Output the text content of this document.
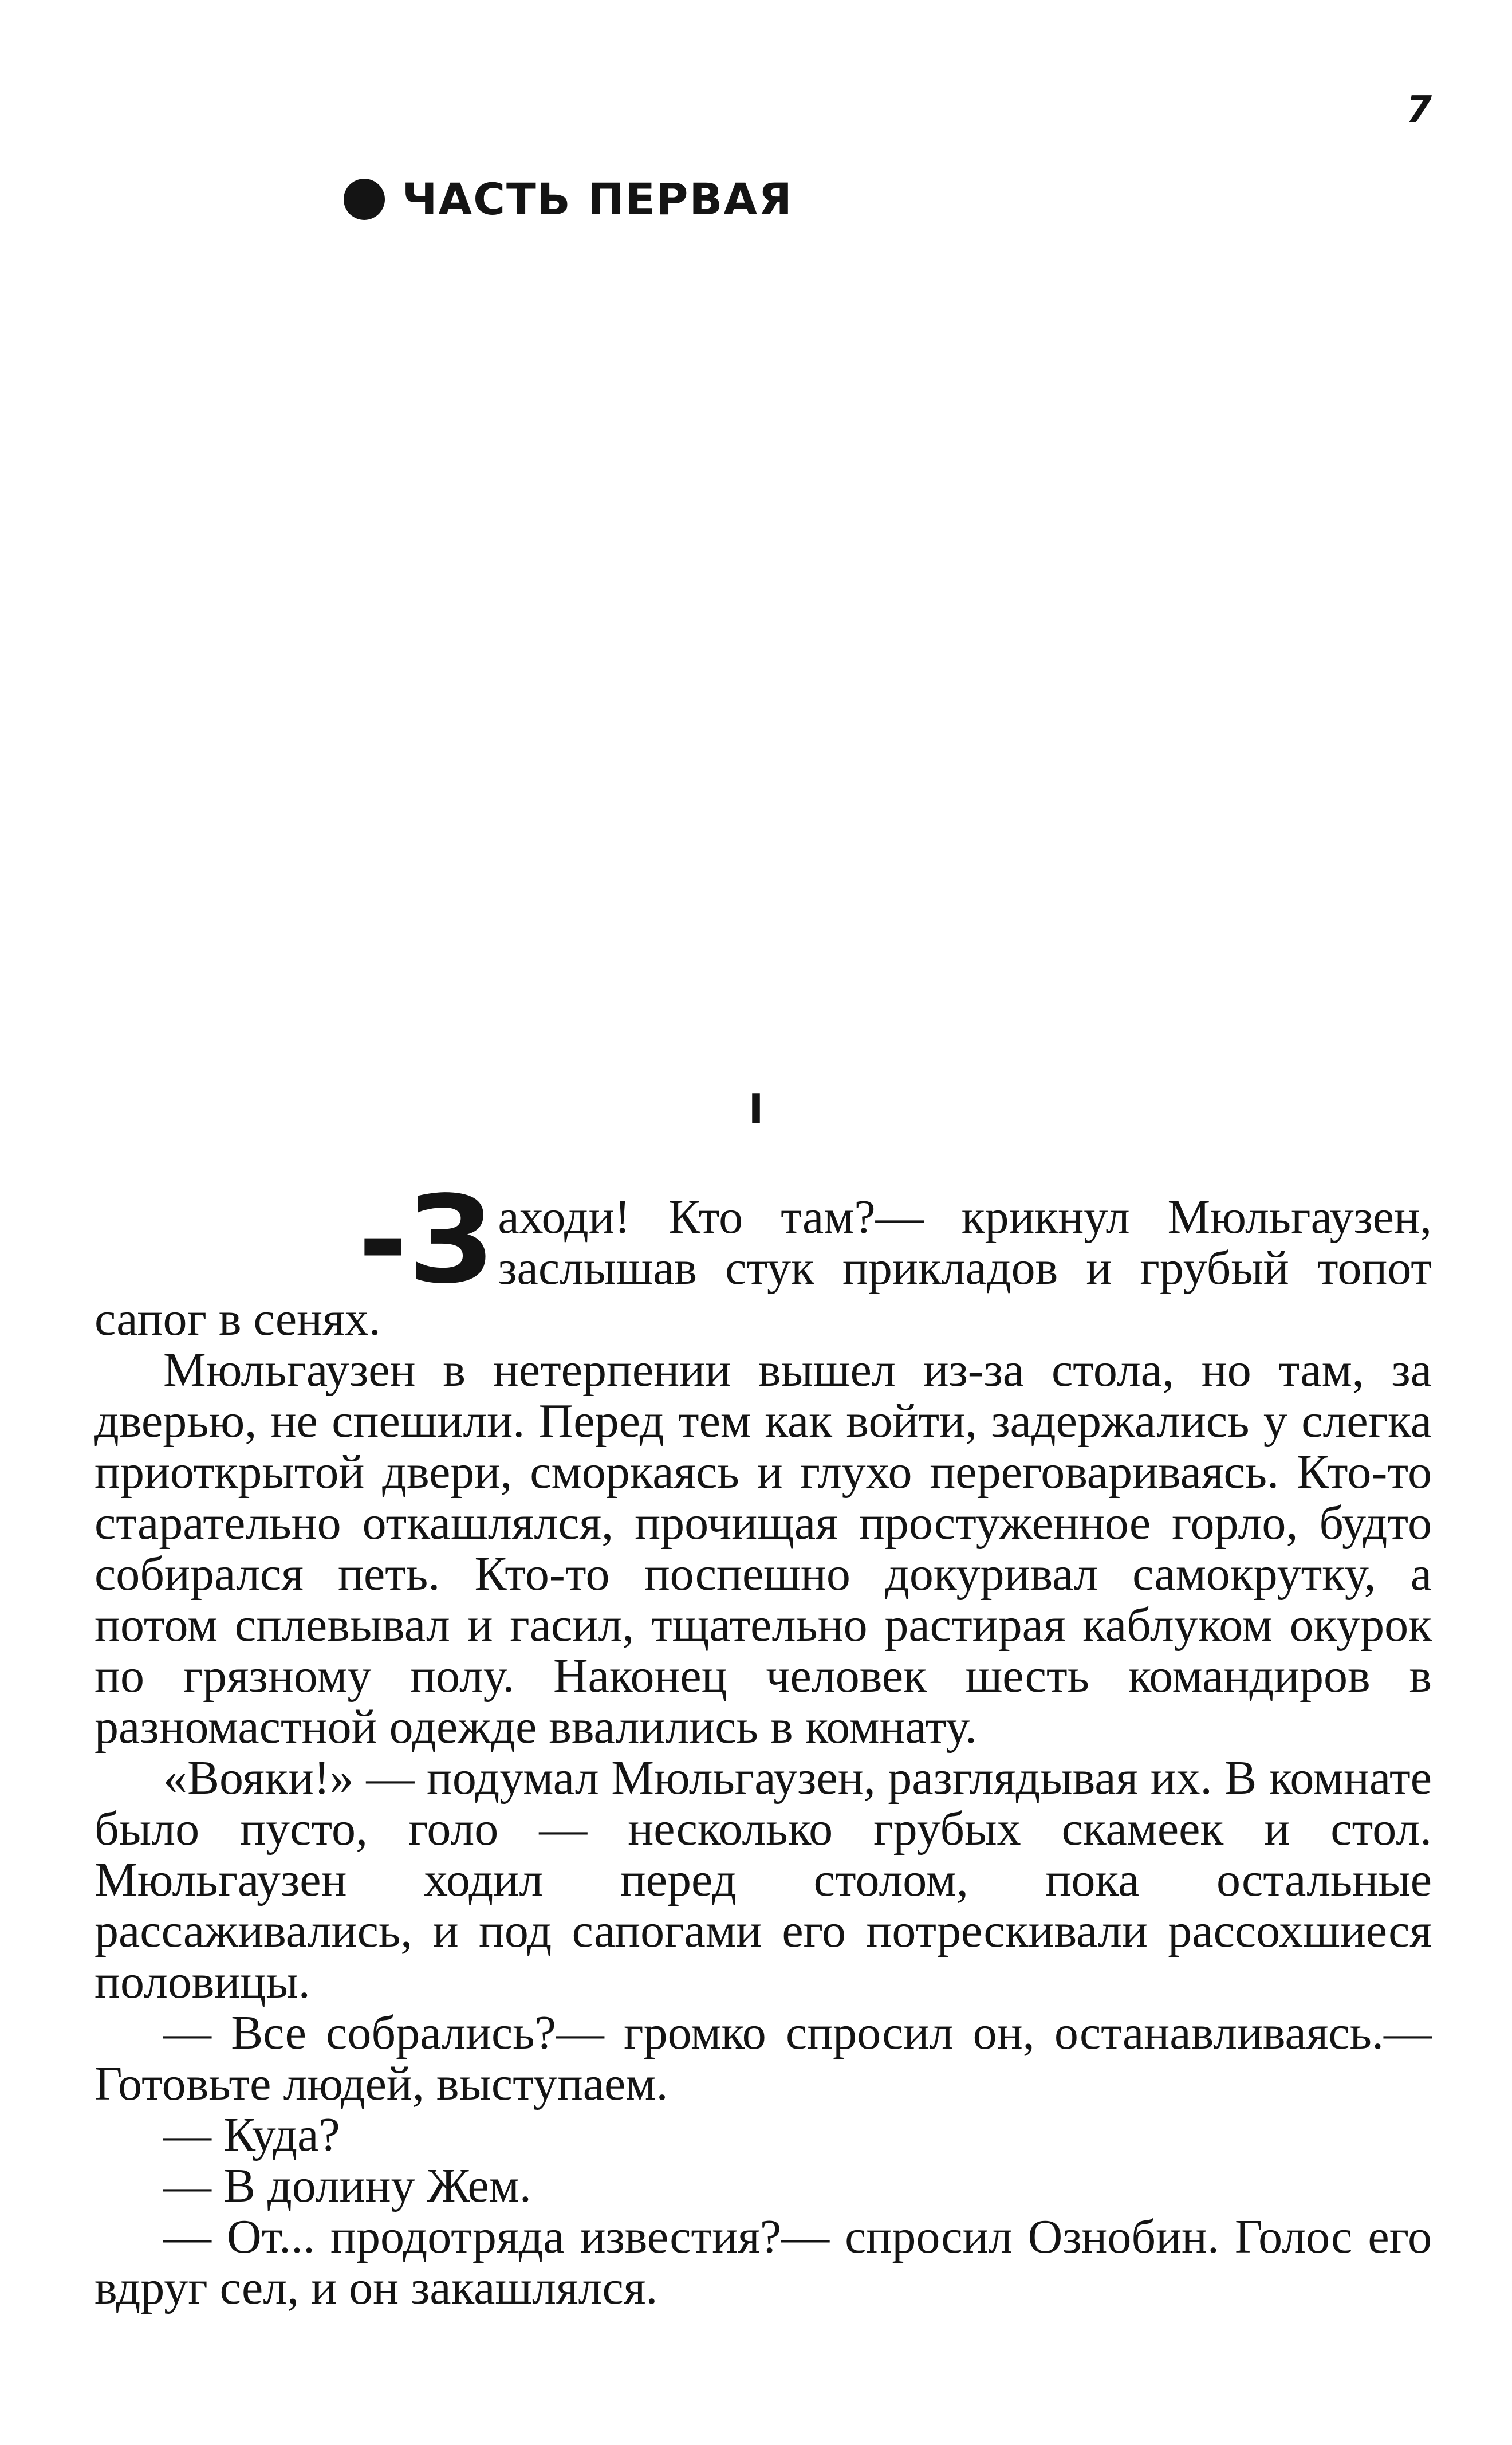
7
ЧАСТЬ ПЕРВАЯ
I

-З аходи! Кто там?— крикнул Мюльгаузен, заслышав стук прикладов и грубый топот сапог в сенях.

Мюльгаузен в нетерпении вышел из-за стола, но там, за дверью, не спешили. Перед тем как войти, задержались у слегка приоткрытой двери, сморкаясь и глухо переговариваясь. Кто-то старательно откашлялся, прочищая простуженное горло, будто собирался петь. Кто-то поспешно докуривал самокрутку, а потом сплевывал и гасил, тщательно растирая каблуком окурок по грязному полу. Наконец человек шесть командиров в разномастной одежде ввалились в комнату.

«Вояки!» — подумал Мюльгаузен, разглядывая их. В комнате было пусто, голо — несколько грубых скамеек и стол. Мюльгаузен ходил перед столом, пока остальные рассаживались, и под сапогами его потрескивали рассохшиеся половицы.

— Все собрались?— громко спросил он, останавливаясь.— Готовьте людей, выступаем.

— Куда?

— В долину Жем.

— От... продотряда известия?— спросил Ознобин. Голос его вдруг сел, и он закашлялся.
